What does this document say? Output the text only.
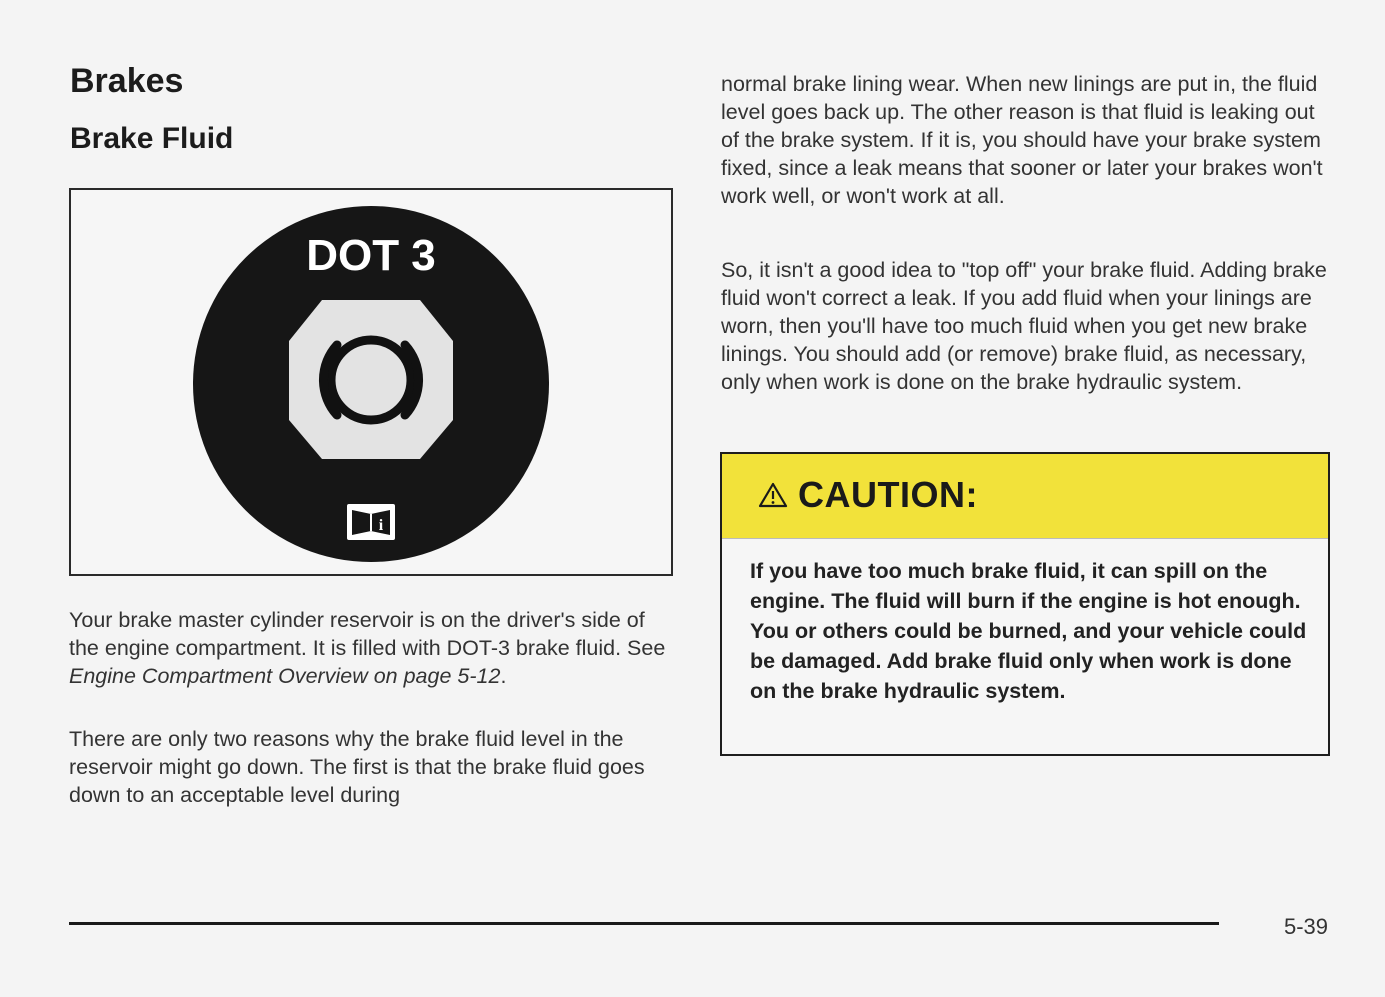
Brakes
Brake Fluid
DOT 3
i

Your brake master cylinder reservoir is on the driver's side of the engine compartment. It is filled with DOT-3 brake fluid. See Engine Compartment Overview on page 5-12.

There are only two reasons why the brake fluid level in the reservoir might go down. The first is that the brake fluid goes down to an acceptable level during

normal brake lining wear. When new linings are put in, the fluid level goes back up. The other reason is that fluid is leaking out of the brake system. If it is, you should have your brake system fixed, since a leak means that sooner or later your brakes won't work well, or won't work at all.

So, it isn't a good idea to "top off" your brake fluid. Adding brake fluid won't correct a leak. If you add fluid when your linings are worn, then you'll have too much fluid when you get new brake linings. You should add (or remove) brake fluid, as necessary, only when work is done on the brake hydraulic system.

CAUTION:
If you have too much brake fluid, it can spill on the engine. The fluid will burn if the engine is hot enough. You or others could be burned, and your vehicle could be damaged. Add brake fluid only when work is done on the brake hydraulic system.
5-39
